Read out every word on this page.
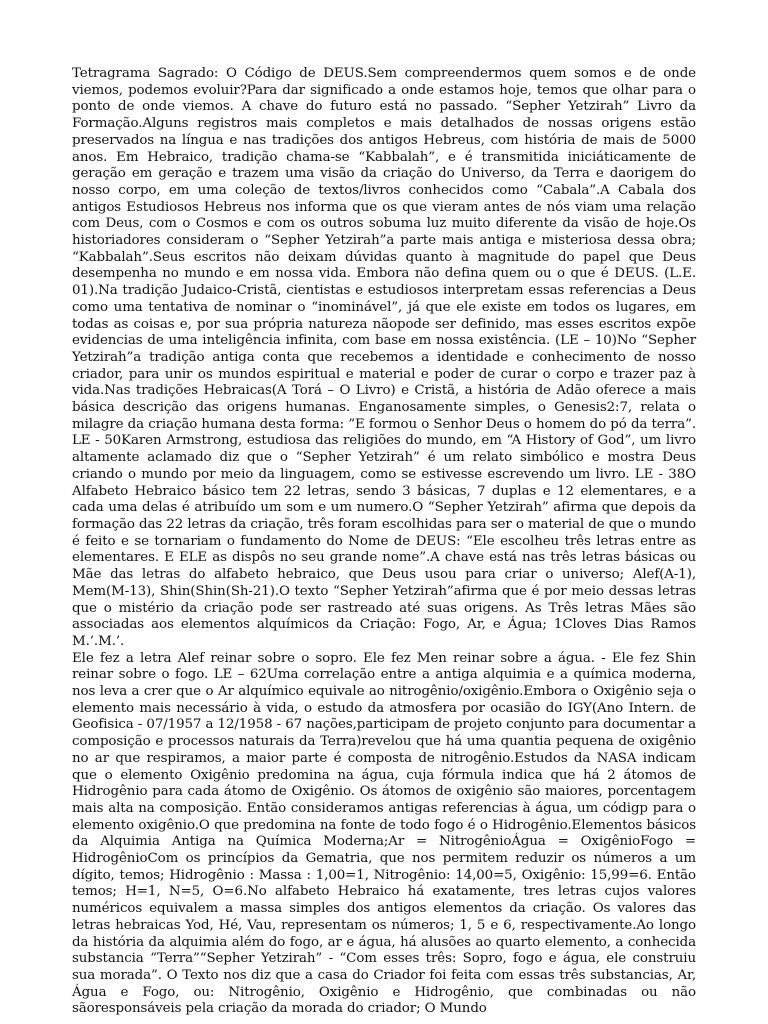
Tetragrama Sagrado: O Código de DEUS.Sem compreendermos quem somos e de onde viemos, podemos evoluir?Para dar significado a onde estamos hoje, temos que olhar para o ponto de onde viemos. A chave do futuro está no passado. “Sepher Yetzirah” Livro da Formação.Alguns registros mais completos e mais detalhados de nossas origens estão preservados na língua e nas tradições dos antigos Hebreus, com história de mais de 5000 anos. Em Hebraico, tradição chama-se “Kabbalah”, e é transmitida iniciáticamente de geração em geração e trazem uma visão da criação do Universo, da Terra e daorigem do nosso corpo, em uma coleção de textos/livros conhecidos como “Cabala”.A Cabala dos antigos Estudiosos Hebreus nos informa que os que vieram antes de nós viam uma relação com Deus, com o Cosmos e com os outros sobuma luz muito diferente da visão de hoje.Os historiadores consideram o “Sepher Yetzirah”a parte mais antiga e misteriosa dessa obra; “Kabbalah”.Seus escritos não deixam dúvidas quanto à magnitude do papel que Deus desempenha no mundo e em nossa vida. Embora não defina quem ou o que é DEUS. (L.E. 01).Na tradição Judaico-Cristã, cientistas e estudiosos interpretam essas referencias a Deus como uma tentativa de nominar o “inominável”, já que ele existe em todos os lugares, em todas as coisas e, por sua própria natureza nãopode ser definido, mas esses escritos expõe evidencias de uma inteligência infinita, com base em nossa existência. (LE – 10)No “Sepher Yetzirah”a tradição antiga conta que recebemos a identidade e conhecimento de nosso criador, para unir os mundos espiritual e material e poder de curar o corpo e trazer paz à vida.Nas tradições Hebraicas(A Torá – O Livro) e Cristã, a história de Adão oferece a mais básica descrição das origens humanas. Enganosamente simples, o Genesis2:7, relata o milagre da criação humana desta forma: ”E formou o Senhor Deus o homem do pó da terra”. LE - 50Karen Armstrong, estudiosa das religiões do mundo, em “A History of God”, um livro altamente aclamado diz que o “Sepher Yetzirah” é um relato simbólico e mostra Deus criando o mundo por meio da linguagem, como se estivesse escrevendo um livro. LE - 38O Alfabeto Hebraico básico tem 22 letras, sendo 3 básicas, 7 duplas e 12 elementares, e a cada uma delas é atribuído um som e um numero.O “Sepher Yetzirah” afirma que depois da formação das 22 letras da criação, três foram escolhidas para ser o material de que o mundo é feito e se tornariam o fundamento do Nome de DEUS: “Ele escolheu três letras entre as elementares. E ELE as dispôs no seu grande nome”.A chave está nas três letras básicas ou Mãe das letras do alfabeto hebraico, que Deus usou para criar o universo; Alef(A-1), Mem(M-13), Shin(Shin(Sh-21).O texto “Sepher Yetzirah”afirma que é por meio dessas letras que o mistério da criação pode ser rastreado até suas origens. As Três letras Mães são associadas aos elementos alquímicos da Criação: Fogo, Ar, e Água; 1Cloves Dias Ramos M.’.M.’.

Ele fez a letra Alef reinar sobre o sopro. Ele fez Men reinar sobre a água. - Ele fez Shin reinar sobre o fogo. LE – 62Uma correlação entre a antiga alquimia e a química moderna, nos leva a crer que o Ar alquímico equivale ao nitrogênio/oxigênio.Embora o Oxigênio seja o elemento mais necessário à vida, o estudo da atmosfera por ocasião do IGY(Ano Intern. de Geofisica - 07/1957 a 12/1958 - 67 nações,participam de projeto conjunto para documentar a composição e processos naturais da Terra)revelou que há uma quantia pequena de oxigênio no ar que respiramos, a maior parte é composta de nitrogênio.Estudos da NASA indicam que o elemento Oxigênio predomina na água, cuja fórmula indica que há 2 átomos de Hidrogênio para cada átomo de Oxigênio. Os átomos de oxigênio são maiores, porcentagem mais alta na composição. Então consideramos antigas referencias à água, um códigp para o elemento oxigênio.O que predomina na fonte de todo fogo é o Hidrogênio.Elementos básicos da Alquimia Antiga na Química Moderna;Ar = NitrogênioÁgua = OxigênioFogo = HidrogênioCom os princípios da Gematria, que nos permitem reduzir os números a um dígito, temos; Hidrogênio : Massa : 1,00=1, Nitrogênio: 14,00=5, Oxigênio: 15,99=6. Então temos; H=1, N=5, O=6.No alfabeto Hebraico há exatamente, tres letras cujos valores numéricos equivalem a massa simples dos antigos elementos da criação. Os valores das letras hebraicas Yod, Hé, Vau, representam os números; 1, 5 e 6, respectivamente.Ao longo da história da alquimia além do fogo, ar e água, há alusões ao quarto elemento, a conhecida substancia “Terra”“Sepher Yetzirah” - “Com esses três: Sopro, fogo e água, ele construiu sua morada”. O Texto nos diz que a casa do Criador foi feita com essas três substancias, Ar, Água e Fogo, ou: Nitrogênio, Oxigênio e Hidrogênio, que combinadas ou não sãoresponsáveis pela criação da morada do criador; O Mundo
